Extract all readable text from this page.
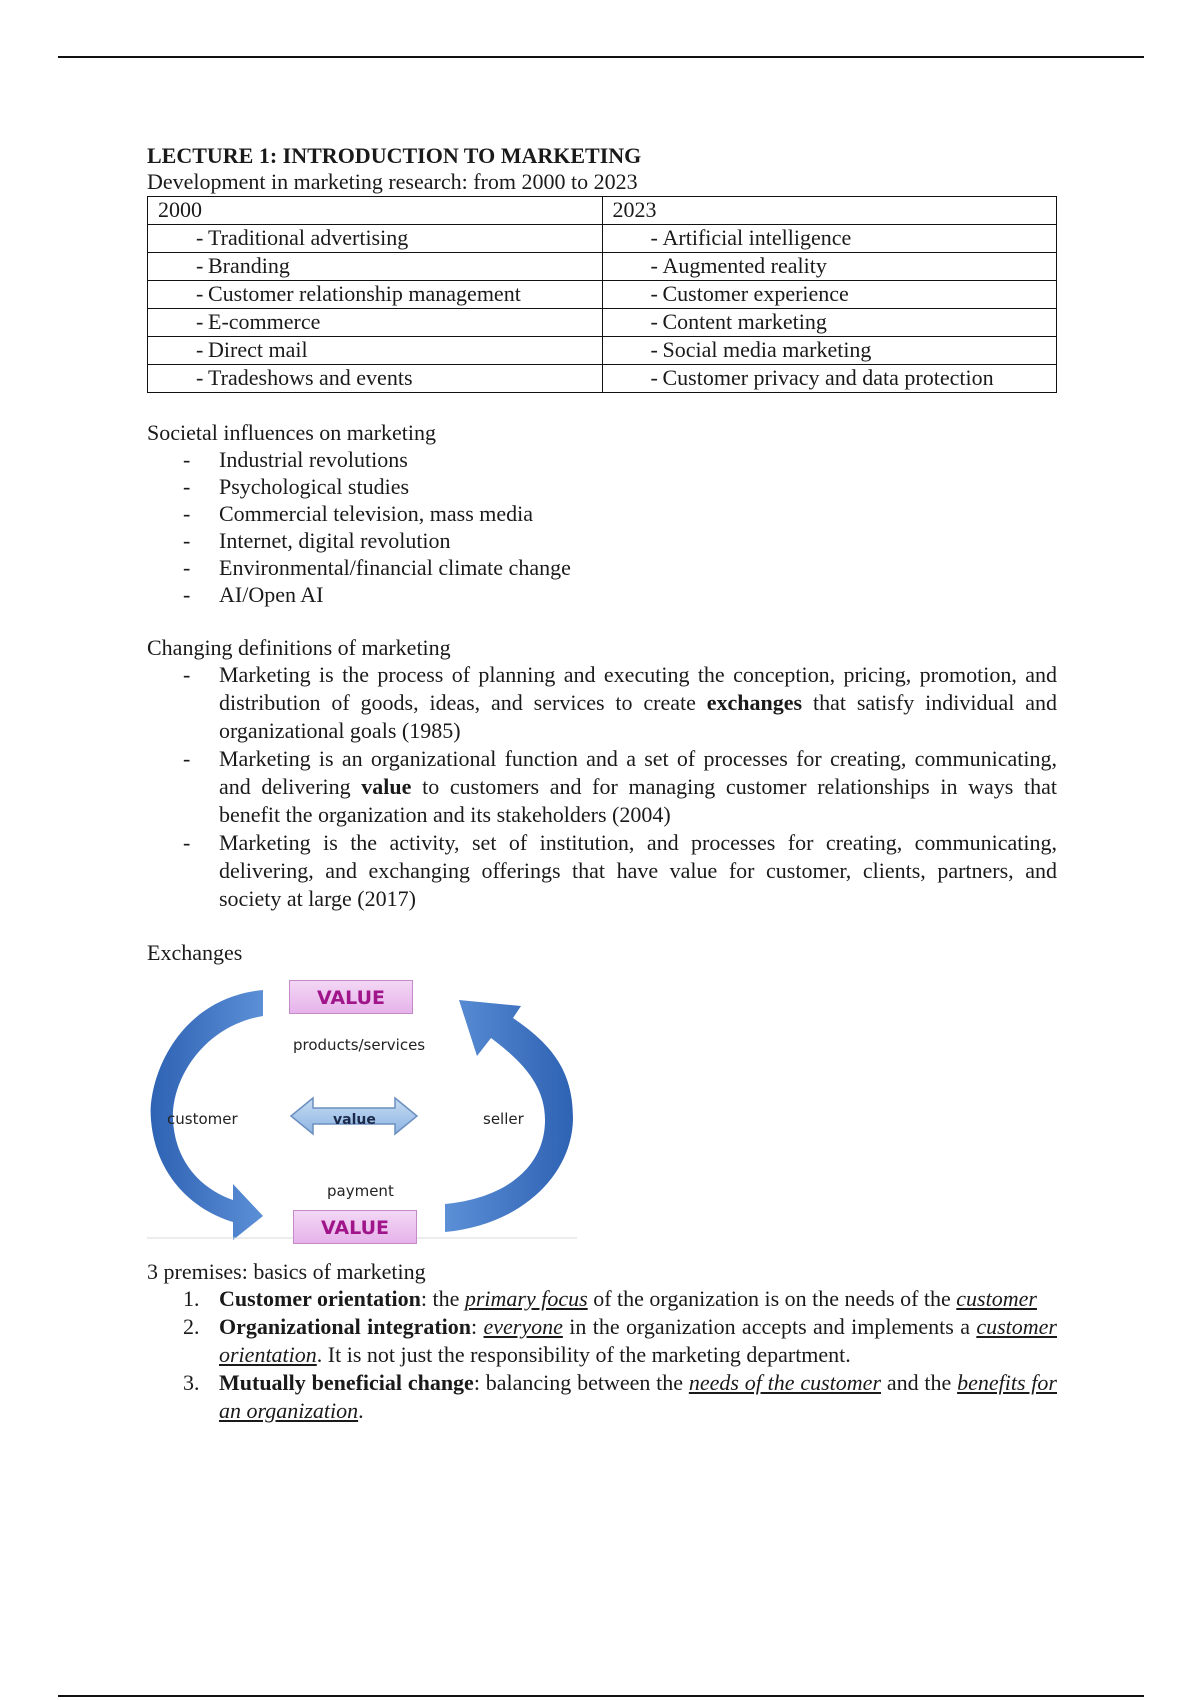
LECTURE 1: INTRODUCTION TO MARKETING

Development in marketing research: from 2000 to 2023

2000	2023

- Traditional advertising	- Artificial intelligence

- Branding	- Augmented reality

- Customer relationship management	- Customer experience

- E-commerce	- Content marketing

- Direct mail	- Social media marketing

- Tradeshows and events	- Customer privacy and data protection

Societal influences on marketing

-	Industrial revolutions
-	Psychological studies
-	Commercial television, mass media
-	Internet, digital revolution
-	Environmental/financial climate change
-	AI/Open AI

Changing definitions of marketing

-	Marketing is the process of planning and executing the conception, pricing, promotion, and distribution of goods, ideas, and services to create exchanges that satisfy individual and organizational goals (1985)
-	Marketing is an organizational function and a set of processes for creating, communicating, and delivering value to customers and for managing customer relationships in ways that benefit the organization and its stakeholders (2004)
-	Marketing is the activity, set of institution, and processes for creating, communicating, delivering, and exchanging offerings that have value for customer, clients, partners, and society at large (2017)

Exchanges

VALUE
products/services
customer	value	seller
payment
VALUE

3 premises: basics of marketing

1. Customer orientation: the primary focus of the organization is on the needs of the customer
2. Organizational integration: everyone in the organization accepts and implements a customer orientation. It is not just the responsibility of the marketing department.
3. Mutually beneficial change: balancing between the needs of the customer and the benefits for an organization.
